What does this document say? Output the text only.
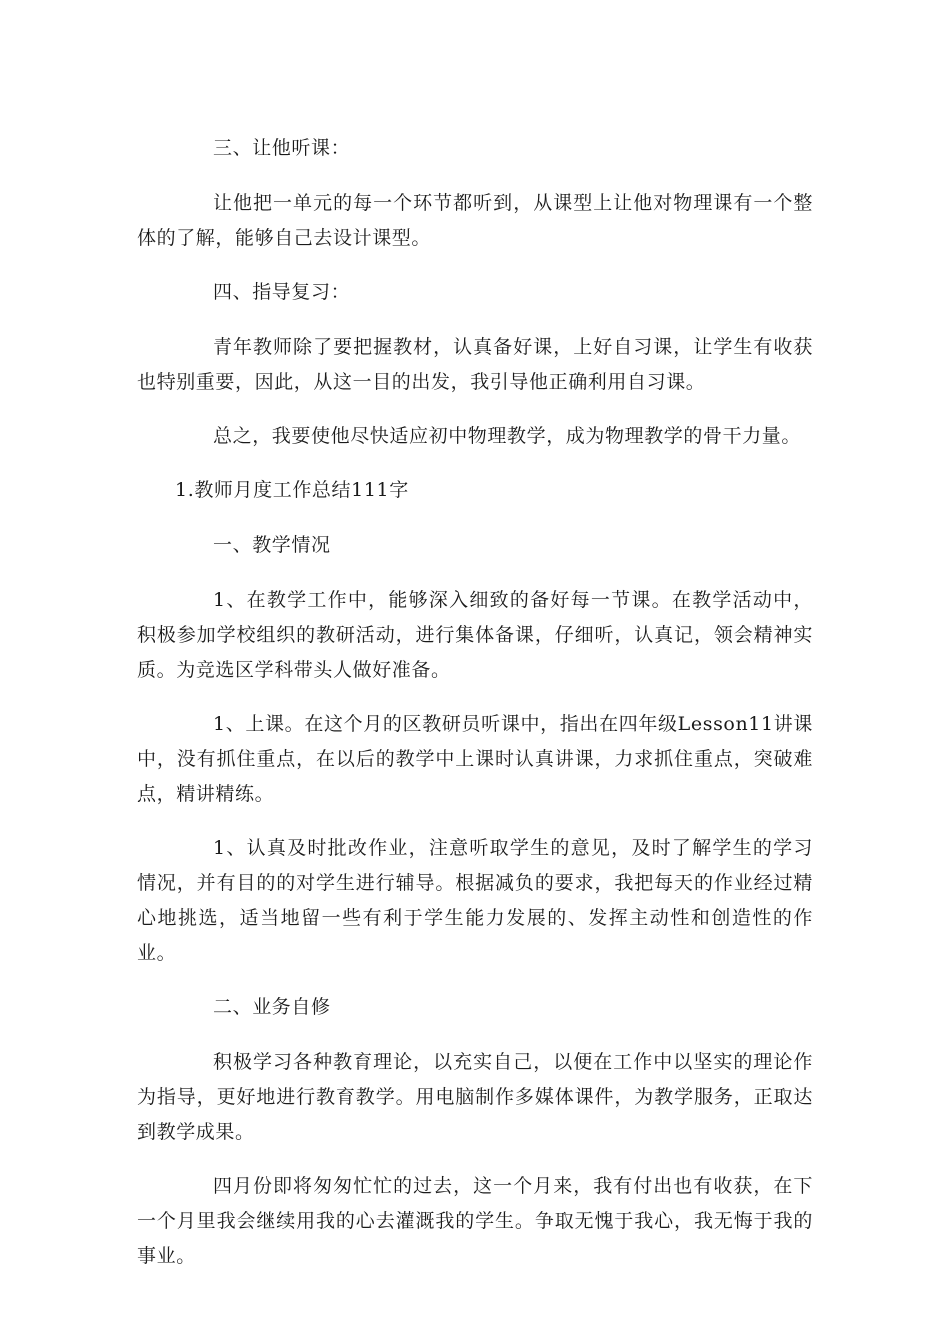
三、让他听课：

让他把一单元的每一个环节都听到，从课型上让他对物理课有一个整体的了解，能够自己去设计课型。

四、指导复习：

青年教师除了要把握教材，认真备好课，上好自习课，让学生有收获也特别重要，因此，从这一目的出发，我引导他正确利用自习课。

总之，我要使他尽快适应初中物理教学，成为物理教学的骨干力量。

1.教师月度工作总结111字

一、教学情况

1、在教学工作中，能够深入细致的备好每一节课。在教学活动中，积极参加学校组织的教研活动，进行集体备课，仔细听，认真记，领会精神实质。为竞选区学科带头人做好准备。

1、上课。在这个月的区教研员听课中，指出在四年级Lesson11讲课中，没有抓住重点，在以后的教学中上课时认真讲课，力求抓住重点，突破难点，精讲精练。

1、认真及时批改作业，注意听取学生的意见，及时了解学生的学习情况，并有目的的对学生进行辅导。根据减负的要求，我把每天的作业经过精心地挑选，适当地留一些有利于学生能力发展的、发挥主动性和创造性的作业。

二、业务自修

积极学习各种教育理论，以充实自己，以便在工作中以坚实的理论作为指导，更好地进行教育教学。用电脑制作多媒体课件，为教学服务，正取达到教学成果。

四月份即将匆匆忙忙的过去，这一个月来，我有付出也有收获，在下一个月里我会继续用我的心去灌溉我的学生。争取无愧于我心，我无悔于我的事业。
